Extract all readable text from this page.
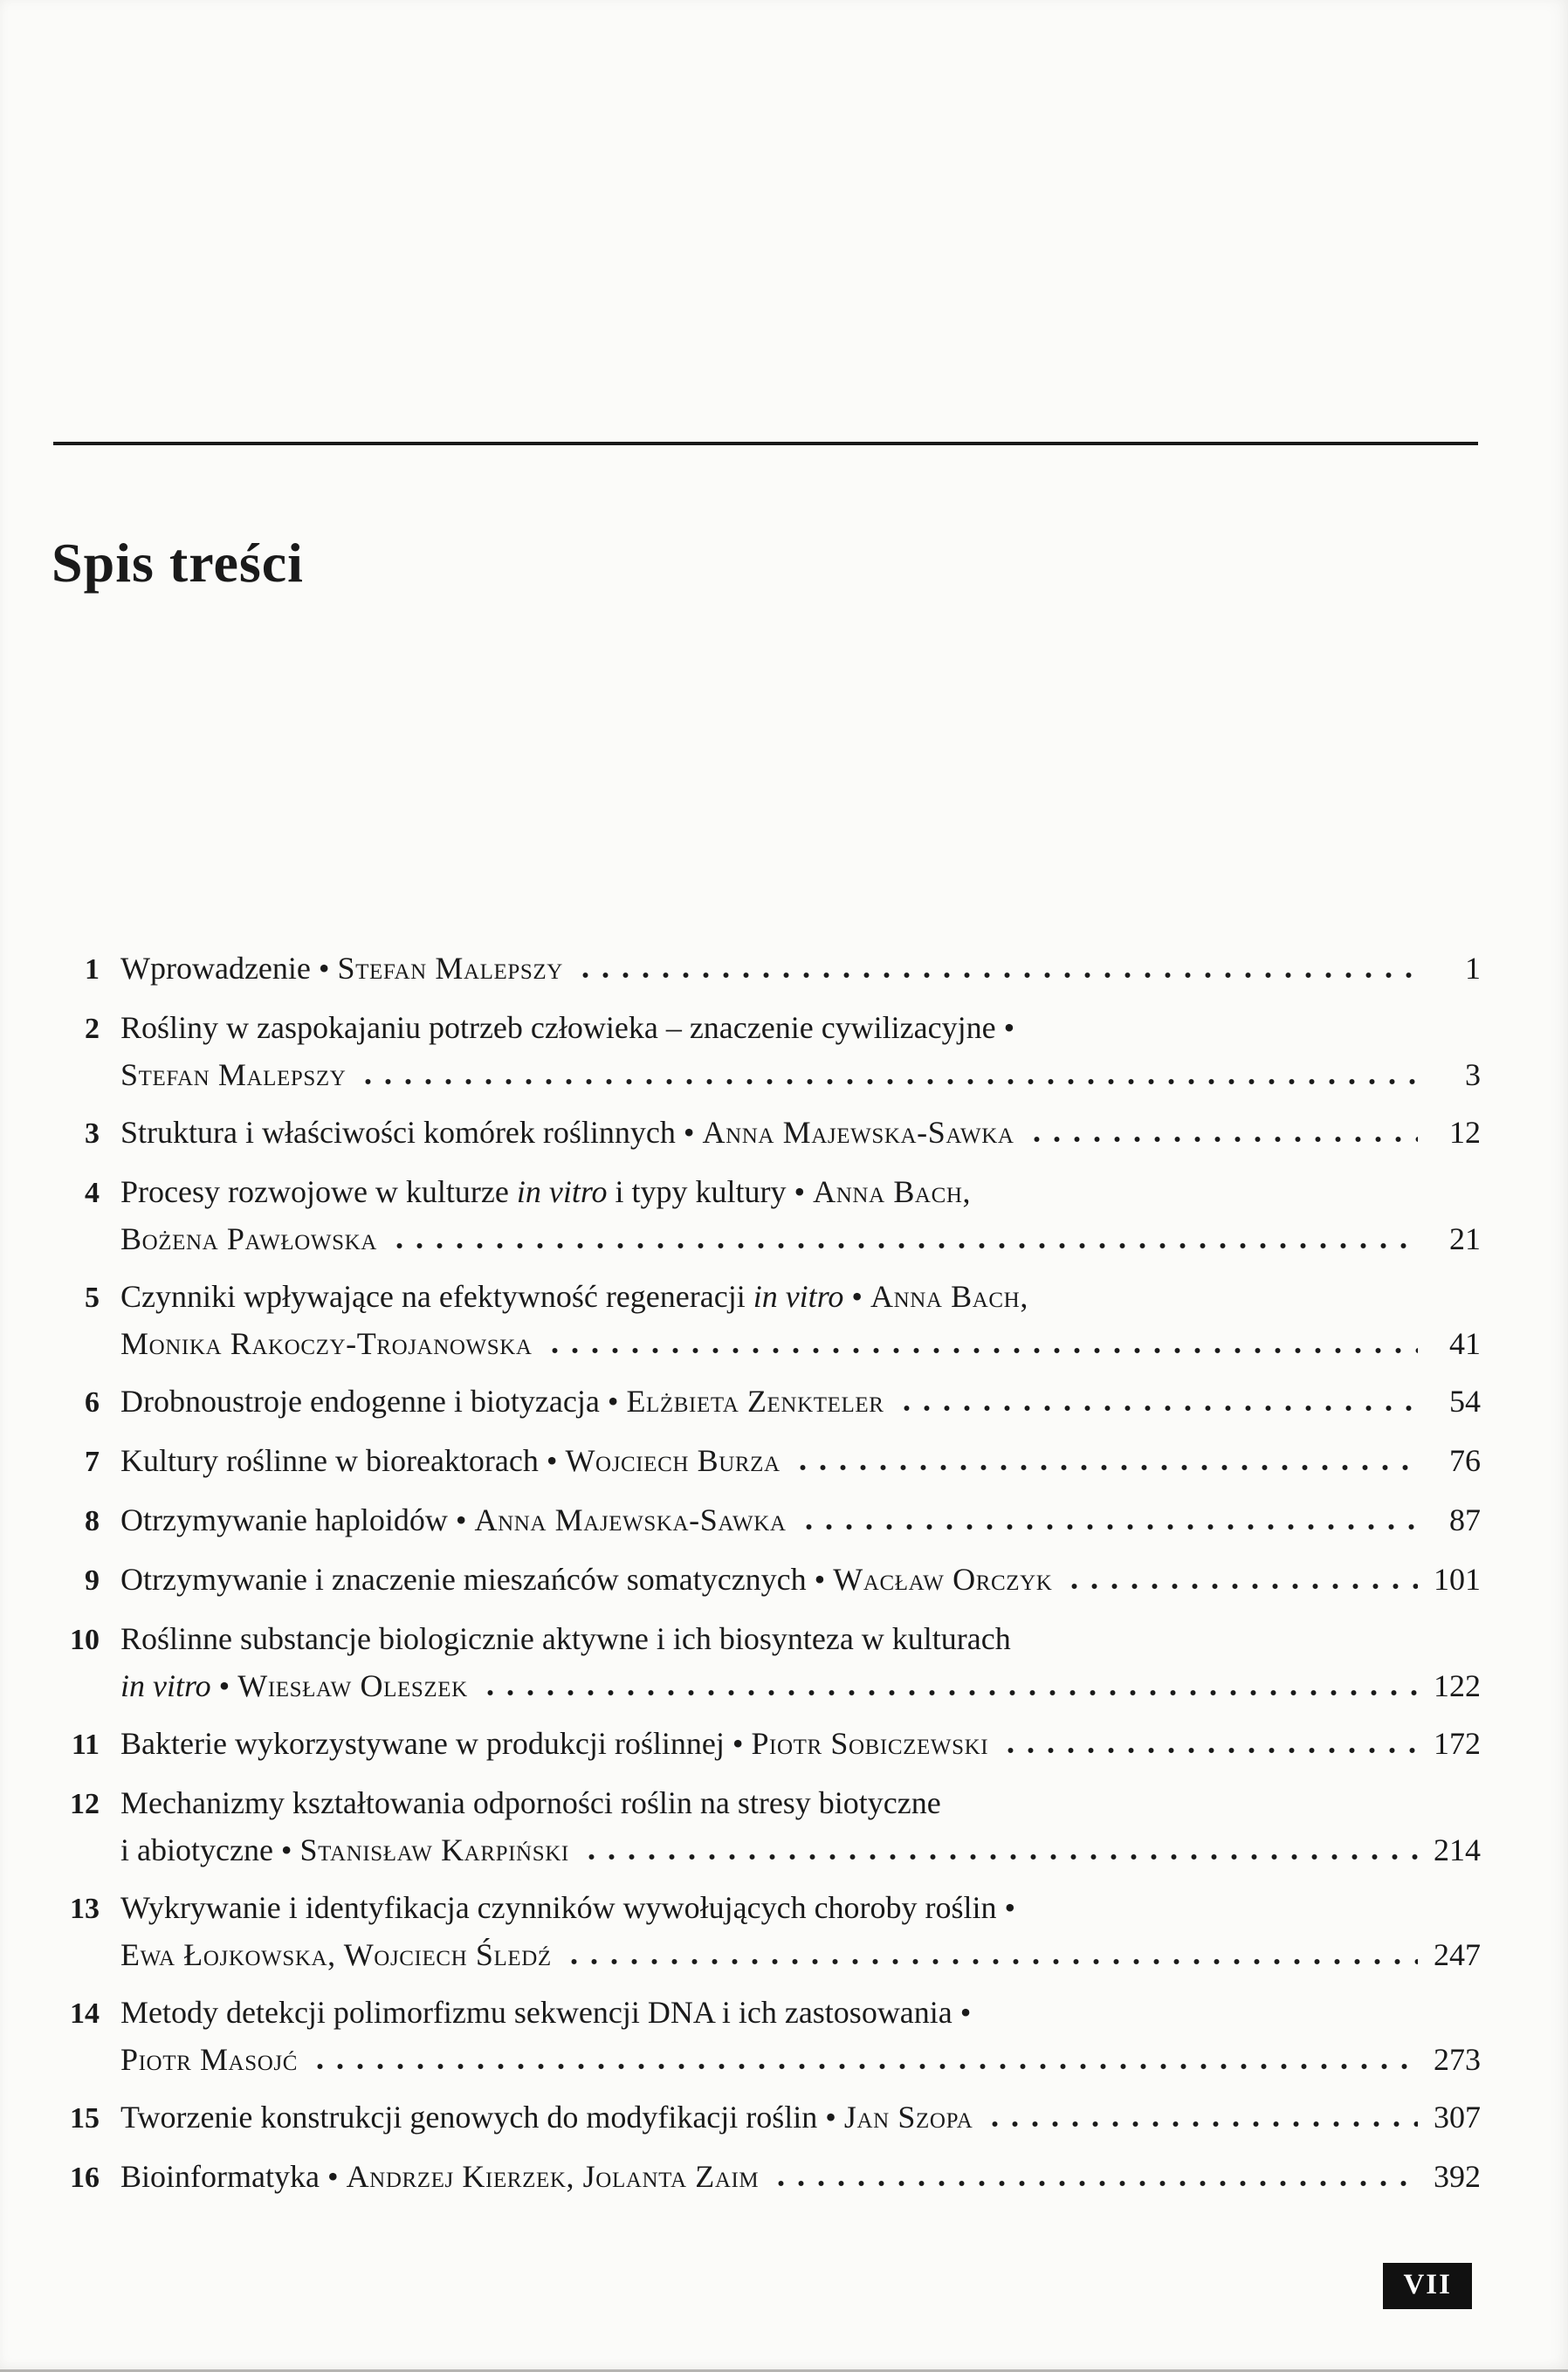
Spis treści
1 Wprowadzenie • Stefan Malepszy	1
2 Rośliny w zaspokajaniu potrzeb człowieka – znaczenie cywilizacyjne •
Stefan Malepszy	3
3 Struktura i właściwości komórek roślinnych • Anna Majewska-Sawka	12
4 Procesy rozwojowe w kulturze in vitro i typy kultury • Anna Bach,
Bożena Pawłowska	21
5 Czynniki wpływające na efektywność regeneracji in vitro • Anna Bach,
Monika Rakoczy-Trojanowska	41
6 Drobnoustroje endogenne i biotyzacja • Elżbieta Zenkteler	54
7 Kultury roślinne w bioreaktorach • Wojciech Burza	76
8 Otrzymywanie haploidów • Anna Majewska-Sawka	87
9 Otrzymywanie i znaczenie mieszańców somatycznych • Wacław Orczyk	101
10 Roślinne substancje biologicznie aktywne i ich biosynteza w kulturach
in vitro • Wiesław Oleszek	122
11 Bakterie wykorzystywane w produkcji roślinnej • Piotr Sobiczewski	172
12 Mechanizmy kształtowania odporności roślin na stresy biotyczne
i abiotyczne • Stanisław Karpiński	214
13 Wykrywanie i identyfikacja czynników wywołujących choroby roślin •
Ewa Łojkowska, Wojciech Śledź	247
14 Metody detekcji polimorfizmu sekwencji DNA i ich zastosowania •
Piotr Masojć	273
15 Tworzenie konstrukcji genowych do modyfikacji roślin • Jan Szopa	307
16 Bioinformatyka • Andrzej Kierzek, Jolanta Zaim	392
VII
